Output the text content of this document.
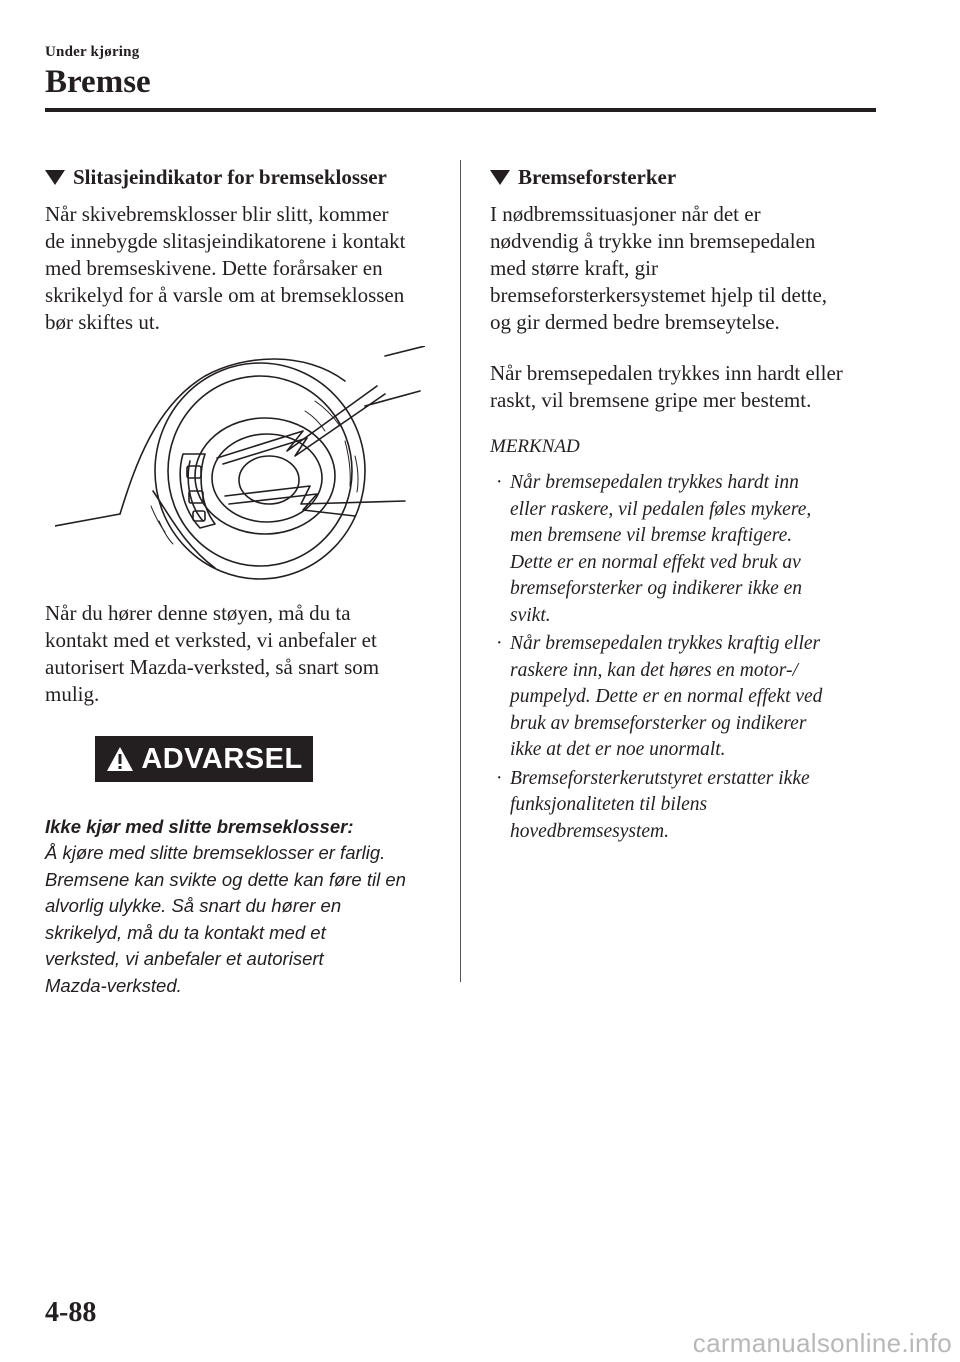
Under kjøring
Bremse
Slitasjeindikator for bremseklosser

Når skivebremsklosser blir slitt, kommer
de innebygde slitasjeindikatorene i kontakt
med bremseskivene. Dette forårsaker en
skrikelyd for å varsle om at bremseklossen
bør skiftes ut.

Når du hører denne støyen, må du ta
kontakt med et verksted, vi anbefaler et
autorisert Mazda-verksted, så snart som
mulig.

ADVARSEL

Ikke kjør med slitte bremseklosser:

Å kjøre med slitte bremseklosser er farlig.
Bremsene kan svikte og dette kan føre til en
alvorlig ulykke. Så snart du hører en
skrikelyd, må du ta kontakt med et
verksted, vi anbefaler et autorisert
Mazda-verksted.

Bremseforsterker

I nødbremssituasjoner når det er
nødvendig å trykke inn bremsepedalen
med større kraft, gir
bremseforsterkersystemet hjelp til dette,
og gir dermed bedre bremseytelse.

Når bremsepedalen trykkes inn hardt eller
raskt, vil bremsene gripe mer bestemt.

MERKNAD
· Når bremsepedalen trykkes hardt inn
eller raskere, vil pedalen føles mykere,
men bremsene vil bremse kraftigere.
Dette er en normal effekt ved bruk av
bremseforsterker og indikerer ikke en
svikt.
· Når bremsepedalen trykkes kraftig eller
raskere inn, kan det høres en motor-/
pumpelyd. Dette er en normal effekt ved
bruk av bremseforsterker og indikerer
ikke at det er noe unormalt.
· Bremseforsterkerutstyret erstatter ikke
funksjonaliteten til bilens
hovedbremsesystem.
4-88
carmanualsonline.info
